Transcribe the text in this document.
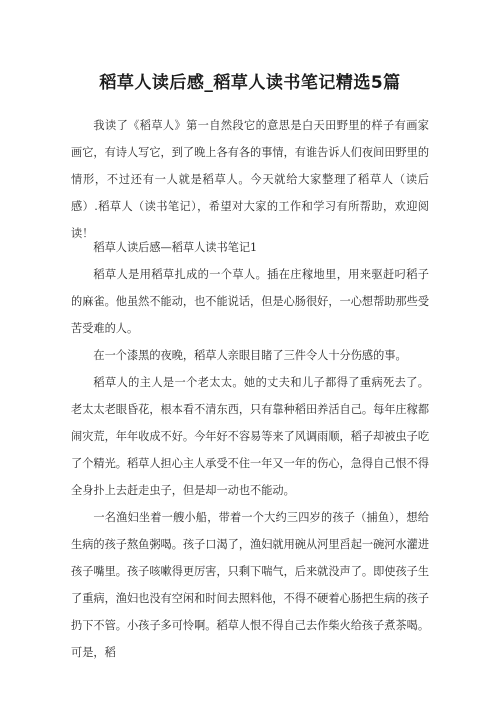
稻草人读后感_稻草人读书笔记精选5篇

我读了《稻草人》第一自然段它的意思是白天田野里的样子有画家画它，有诗人写它，到了晚上各有各的事情，有谁告诉人们夜间田野里的情形，不过还有一人就是稻草人。今天就给大家整理了稻草人（读后感）.稻草人（读书笔记），希望对大家的工作和学习有所帮助，欢迎阅读！

稻草人读后感—稻草人读书笔记1

稻草人是用稻草扎成的一个草人。插在庄稼地里，用来驱赶叼稻子的麻雀。他虽然不能动，也不能说话，但是心肠很好，一心想帮助那些受苦受难的人。

在一个漆黑的夜晚，稻草人亲眼目睹了三件令人十分伤感的事。

稻草人的主人是一个老太太。她的丈夫和儿子都得了重病死去了。老太太老眼昏花，根本看不清东西，只有靠种稻田养活自己。每年庄稼都闹灾荒，年年收成不好。今年好不容易等来了风调雨顺，稻子却被虫子吃了个精光。稻草人担心主人承受不住一年又一年的伤心，急得自己恨不得全身扑上去赶走虫子，但是却一动也不能动。

一名渔妇坐着一艘小船，带着一个大约三四岁的孩子（捕鱼），想给生病的孩子熬鱼粥喝。孩子口渴了，渔妇就用碗从河里舀起一碗河水灌进孩子嘴里。孩子咳嗽得更厉害，只剩下喘气，后来就没声了。即使孩子生了重病，渔妇也没有空闲和时间去照料他，不得不硬着心肠把生病的孩子扔下不管。小孩子多可怜啊。稻草人恨不得自己去作柴火给孩子煮茶喝。可是，稻
